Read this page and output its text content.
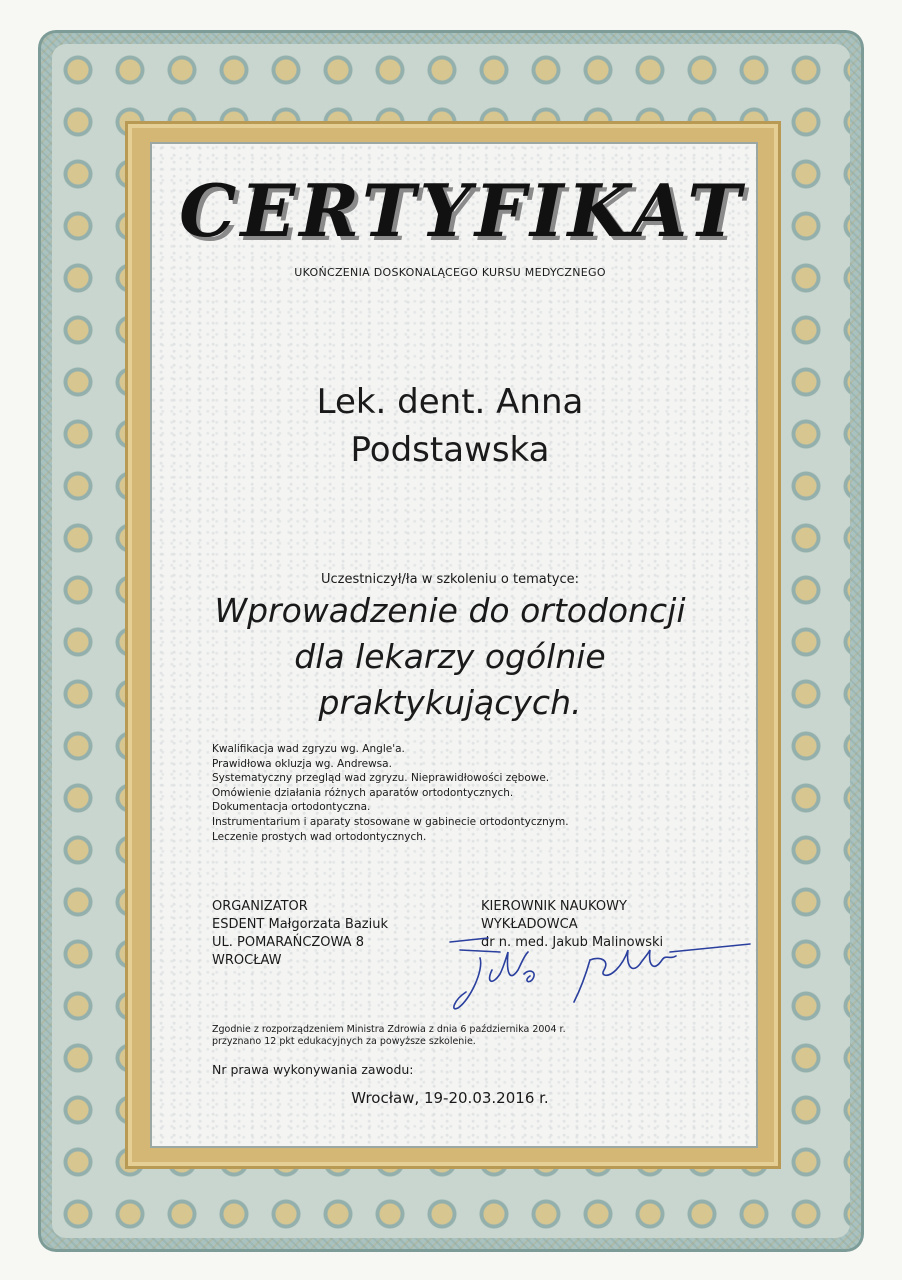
CERTYFIKAT
UKOŃCZENIA DOSKONALĄCEGO KURSU MEDYCZNEGO
Lek. dent. Anna
Podstawska
Uczestniczył/ła w szkoleniu o tematyce:
Wprowadzenie do ortodoncji
dla lekarzy ogólnie
praktykujących.
Kwalifikacja wad zgryzu wg. Angle'a.
Prawidłowa okluzja wg. Andrewsa.
Systematyczny przegląd wad zgryzu. Nieprawidłowości zębowe.
Omówienie działania różnych aparatów ortodontycznych.
Dokumentacja ortodontyczna.
Instrumentarium i aparaty stosowane w gabinecie ortodontycznym.
Leczenie prostych wad ortodontycznych.
ORGANIZATOR
ESDENT Małgorzata Baziuk
UL. POMARAŃCZOWA 8
WROCŁAW
KIEROWNIK NAUKOWY
WYKŁADOWCA
dr n. med. Jakub Malinowski
Zgodnie z rozporządzeniem Ministra Zdrowia z dnia 6 października 2004 r.
przyznano 12 pkt edukacyjnych za powyższe szkolenie.
Nr prawa wykonywania zawodu:
Wrocław, 19-20.03.2016 r.
